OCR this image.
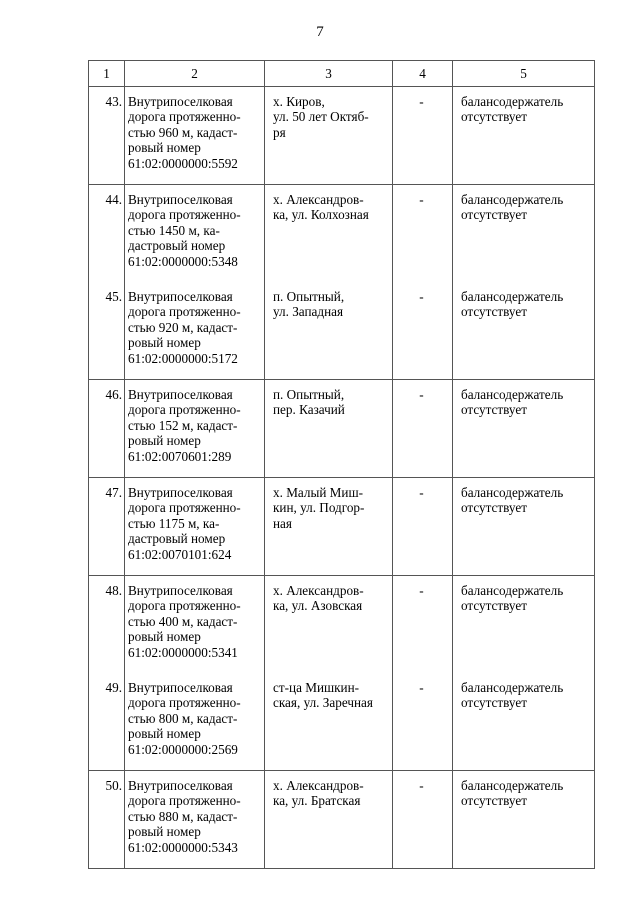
7
1	2	3	4	5
43.	Внутрипоселковая
дорога протяженно-
стью 960 м, кадаст-
ровый номер
61:02:0000000:5592	х. Киров,
ул. 50 лет Октяб-
ря	-	балансодержатель
отсутствует
44.	Внутрипоселковая
дорога протяженно-
стью 1450 м, ка-
дастровый номер
61:02:0000000:5348	х. Александров-
ка, ул. Колхозная	-	балансодержатель
отсутствует
45.	Внутрипоселковая
дорога протяженно-
стью 920 м, кадаст-
ровый номер
61:02:0000000:5172	п. Опытный,
ул. Западная	-	балансодержатель
отсутствует
46.	Внутрипоселковая
дорога протяженно-
стью 152 м, кадаст-
ровый номер
61:02:0070601:289	п. Опытный,
пер. Казачий	-	балансодержатель
отсутствует
47.	Внутрипоселковая
дорога протяженно-
стью 1175 м, ка-
дастровый номер
61:02:0070101:624	х. Малый Миш-
кин, ул. Подгор-
ная	-	балансодержатель
отсутствует
48.	Внутрипоселковая
дорога протяженно-
стью 400 м, кадаст-
ровый номер
61:02:0000000:5341	х. Александров-
ка, ул. Азовская	-	балансодержатель
отсутствует
49.	Внутрипоселковая
дорога протяженно-
стью 800 м, кадаст-
ровый номер
61:02:0000000:2569	ст-ца Мишкин-
ская, ул. Заречная	-	балансодержатель
отсутствует
50.	Внутрипоселковая
дорога протяженно-
стью 880 м, кадаст-
ровый номер
61:02:0000000:5343	х. Александров-
ка, ул. Братская	-	балансодержатель
отсутствует
